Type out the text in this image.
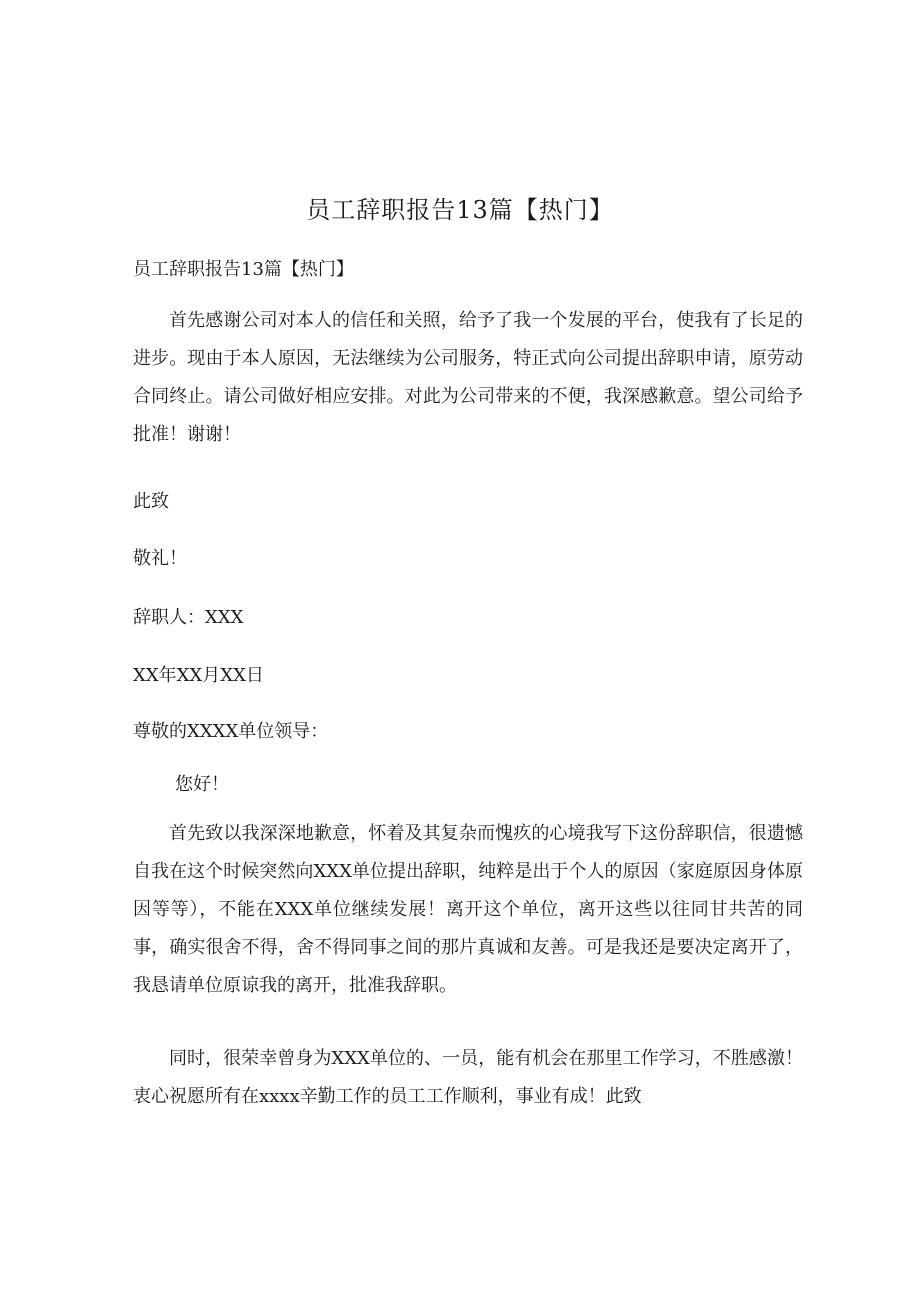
员工辞职报告13篇【热门】

员工辞职报告13篇【热门】

首先感谢公司对本人的信任和关照，给予了我一个发展的平台，使我有了长足的进步。现由于本人原因，无法继续为公司服务，特正式向公司提出辞职申请，原劳动合同终止。请公司做好相应安排。对此为公司带来的不便，我深感歉意。望公司给予批准！谢谢！

此致

敬礼！

辞职人：XXX

XX年XX月XX日

尊敬的XXXX单位领导：

您好！

首先致以我深深地歉意，怀着及其复杂而愧疚的心境我写下这份辞职信，很遗憾自我在这个时候突然向XXX单位提出辞职，纯粹是出于个人的原因（家庭原因身体原因等等），不能在XXX单位继续发展！离开这个单位，离开这些以往同甘共苦的同事，确实很舍不得，舍不得同事之间的那片真诚和友善。可是我还是要决定离开了，我恳请单位原谅我的离开，批准我辞职。

同时，很荣幸曾身为XXX单位的、一员，能有机会在那里工作学习，不胜感激！衷心祝愿所有在xxxx辛勤工作的员工工作顺利，事业有成！此致
